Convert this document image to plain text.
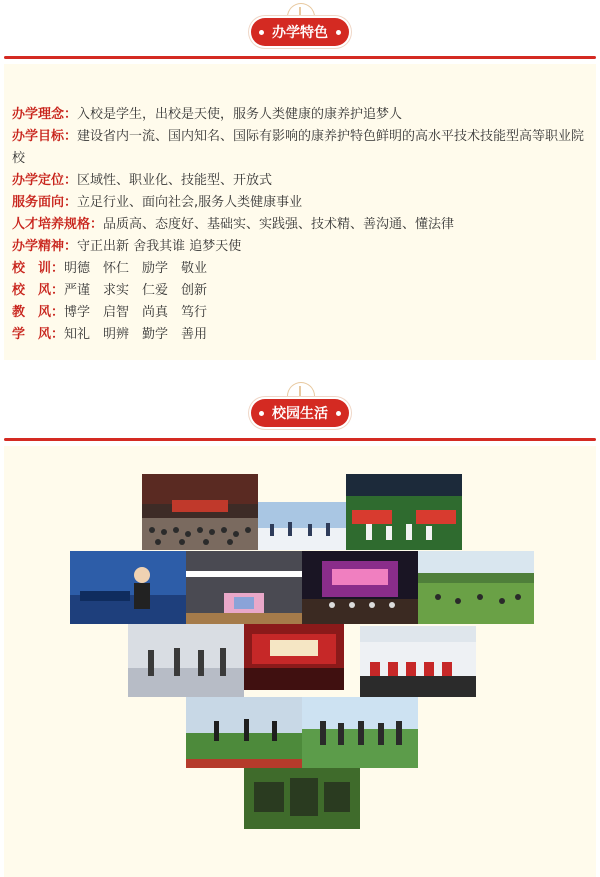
办学特色
办学理念：入校是学生，出校是天使，服务人类健康的康养护追梦人
办学目标：建设省内一流、国内知名、国际有影响的康养护特色鲜明的高水平技术技能型高等职业院校
办学定位：区域性、职业化、技能型、开放式
服务面向：立足行业、面向社会,服务人类健康事业
人才培养规格：品质高、态度好、基础实、实践强、技术精、善沟通、懂法律
办学精神：守正出新 舍我其谁 追梦天使
校　训：明德　怀仁　励学　敬业
校　风：严谨　求实　仁爱　创新
教　风：博学　启智　尚真　笃行
学　风：知礼　明辨　勤学　善用
校园生活
